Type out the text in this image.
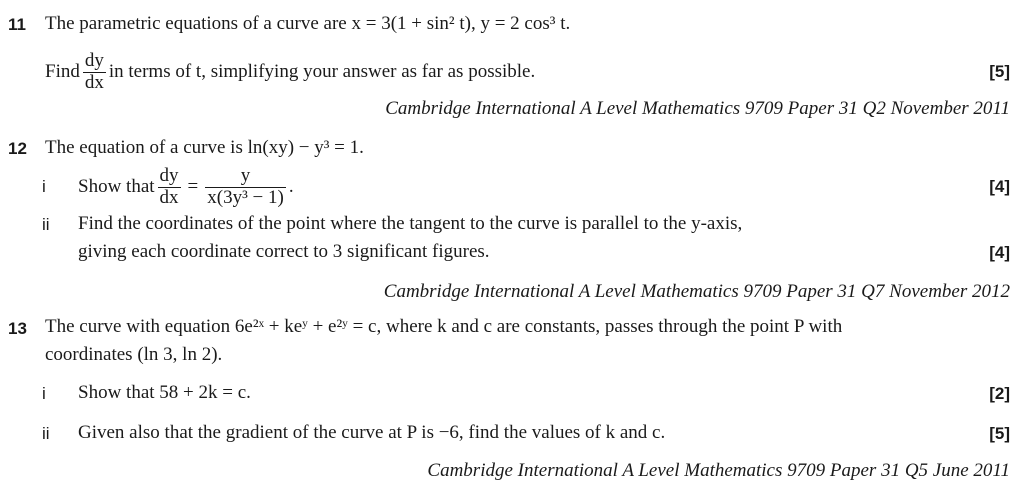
11 The parametric equations of a curve are x = 3(1 + sin² t), y = 2 cos³ t.
Find $\frac{dy}{dx}$ in terms of t, simplifying your answer as far as possible.	[5]
Cambridge International A Level Mathematics 9709 Paper 31 Q2 November 2011
12 The equation of a curve is ln(xy) − y³ = 1.
i Show that $\frac{dy}{dx} = \frac{y}{\text{x(3y³ − 1)}}$ .	[4]
ii Find the coordinates of the point where the tangent to the curve is parallel to the y-axis,
giving each coordinate correct to 3 significant figures.	[4]
Cambridge International A Level Mathematics 9709 Paper 31 Q7 November 2012
13 The curve with equation 6e²ˣ + keʸ + e²ʸ = c, where k and c are constants, passes through the point P with
coordinates (ln 3, ln 2).
i Show that 58 + 2k = c.	[2]
ii Given also that the gradient of the curve at P is −6, find the values of k and c.	[5]
Cambridge International A Level Mathematics 9709 Paper 31 Q5 June 2011
